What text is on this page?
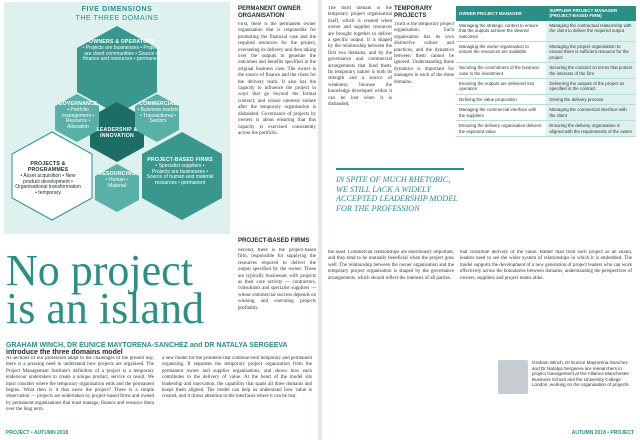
FIVE DIMENSIONS
THE THREE DOMAINS
OWNERS & OPERATORS
• Projects are businesses • Projects are client communities • Source of finance and resources • permanent
GOVERNANCE
• Portfolio management • Resource • Allocation
COMMERCIAL
• Business models • Transactional • Sectors
LEADERSHIP & INNOVATION
PROJECTS & PROGRAMMES
• Asset acquisition • New product development • Organisational transformation • temporary
RESOURCING
• Human • Material
PROJECT-BASED FIRMS
• Specialist suppliers • Projects are businesses • Source of human and material resources • permanent
No project is an island
GRAHAM WINCH, DR EUNICE MAYTORENA-SANCHEZ and DR NATALYA SERGEEVA introduce the three domains model
As sections of our profession adapt to the challenges of the present day, there is a pressing need to understand how projects are organised. The Project Management Institute's definition of a project is a temporary endeavour undertaken to create a unique product, service or result. We must consider where the temporary organisation ends and the permanent begins. What then is it that owns the project? There is a simple observation — projects are undertaken by project-based firms and owned by permanent organisations that must manage, finance and resource them over the long term.
a new model for the problems that combine both temporary and permanent organising. It separates the temporary project organisation from the permanent owner and supplier organisations, and shows how each contributes to the delivery of value. At the heart of the model sits leadership and innovation, the capability that spans all three domains and keeps them aligned. The model can help us understand how value is created, and it draws attention to the interfaces where it can be lost.
PERMANENT OWNER ORGANISATION
First, there is the permanent owner organisation that is responsible for promoting the financial case and the required resources for the project, overseeing its delivery and then taking over the outputs to generate the outcomes and benefits specified in the original business case. The owner is the source of finance and the client for the delivery team. It also has the capacity to influence the project in ways that go beyond the formal contract, and whose interests endure after the temporary organisation is disbanded. Governance of projects by owners is about ensuring that this capacity is exercised consistently across the portfolio.
PROJECT-BASED FIRMS
Second, there is the project-based firm, responsible for supplying the resources required to deliver the output specified by the owner. These are typically businesses with projects as their core activity — contractors, consultants and specialist suppliers — whose commercial success depends on winning and executing projects profitably.
PROJECT • AUTUMN 2018
The third domain is the temporary project organisation itself, which is created when owner and supplier resources are brought together to deliver a specific output. It is shaped by the relationship between the first two domains, and by the governance and commercial arrangements that bind them. Its temporary nature is both its strength and a source of weakness, because the knowledge developed within it can be lost when it is disbanded.
TEMPORARY PROJECTS
Third is the temporary project organisation. Each organisation has its own distinctive culture and practices, and the dynamics between them cannot be ignored. Understanding these dynamics is important for managers in each of the three domains.
the asset. Commercial relationships are enormously important, and they tend to be mutually beneficial when the project goes well. The relationship between the owner organisation and the temporary project organisation is shaped by the governance arrangements, which should reflect the interests of all parties.
that constitute delivery of the value. Rather than treat each project as an island, leaders need to see the wider system of relationships in which it is embedded. The model supports the development of a new generation of project leaders who can work effectively across the boundaries between domains, understanding the perspectives of owners, suppliers and project teams alike.
Graham Winch, Dr Eunice Maytorena-Sanchez and Dr Natalya Sergeeva are researchers in project management at the Alliance Manchester Business School and the University College London, working on the organisation of projects.
AUTUMN 2018 • PROJECT
IN SPITE OF MUCH RHETORIC, WE STILL LACK A WIDELY ACCEPTED LEADERSHIP MODEL FOR THE PROFESSION
OWNER PROJECT MANAGER	SUPPLIER PROJECT MANAGER (PROJECT-BASED FIRM)
Managing the strategic context to ensure that the outputs achieve the desired outcomes	Managing the contractual relationship with the client to deliver the required output
Managing the owner organisation to ensure the resources are available	Managing the project organisation to ensure there is sufficient resource for the project
Securing the commitment of the business case to the investment	Securing the contract on terms that protect the interests of the firm
Ensuring the outputs are delivered into operation	Delivering the outputs of the project as specified in the contract
Defining the value proposition	Driving the delivery process
Managing the commercial interface with the suppliers	Managing the commercial interface with the client
Ensuring the delivery organisation delivers the expected value	Ensuring the delivery organisation is aligned with the requirements of the owner
